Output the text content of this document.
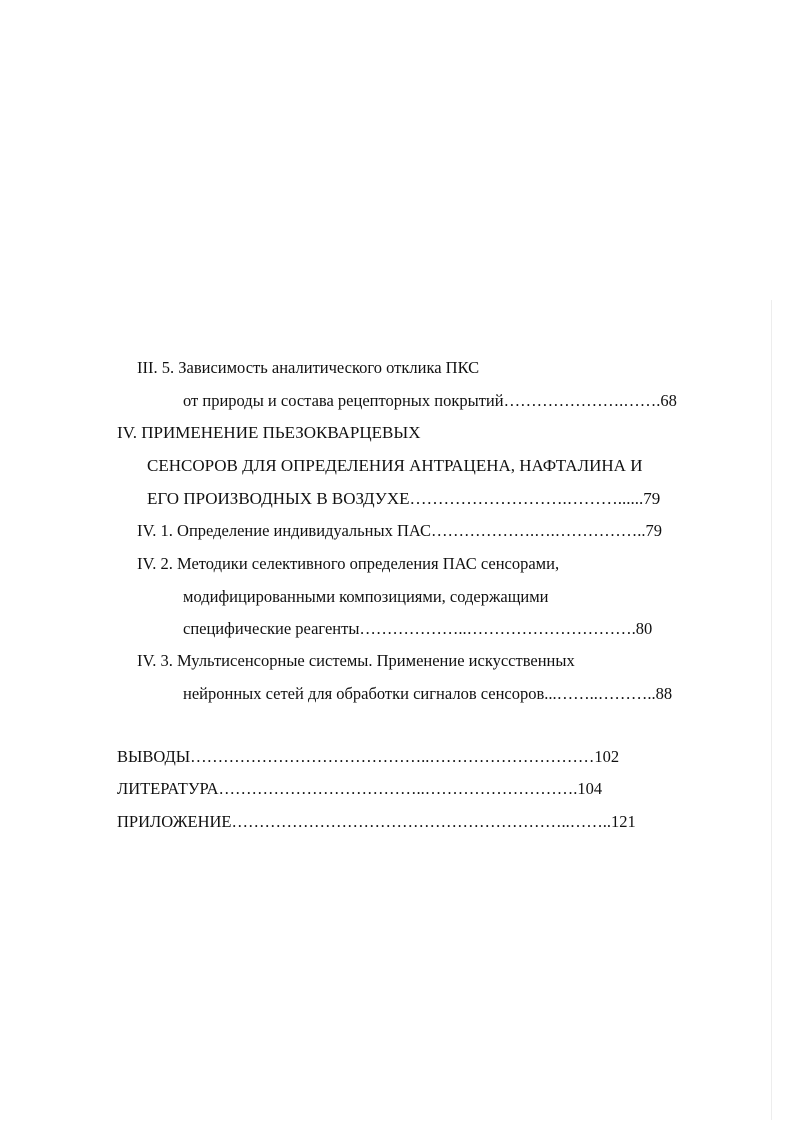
III. 5. Зависимость аналитического отклика ПКС
от природы и состава рецепторных покрытий………………….…….68
IV. ПРИМЕНЕНИЕ ПЬЕЗОКВАРЦЕВЫХ
СЕНСОРОВ ДЛЯ ОПРЕДЕЛЕНИЯ АНТРАЦЕНА, НАФТАЛИНА И
ЕГО ПРОИЗВОДНЫХ В ВОЗДУХЕ……………………….………......79
IV. 1. Определение индивидуальных ПАС……………….….……………..79
IV. 2. Методики селективного определения ПАС сенсорами,
модифицированными композициями, содержащими
специфические реагенты………………..………………………….80
IV. 3. Мультисенсорные системы. Применение искусственных
нейронных сетей для обработки сигналов сенсоров...……..………..88
ВЫВОДЫ……………………………………..…………………………102
ЛИТЕРАТУРА………………………………..……………………….104
ПРИЛОЖЕНИЕ……………………………………………………..……..121
